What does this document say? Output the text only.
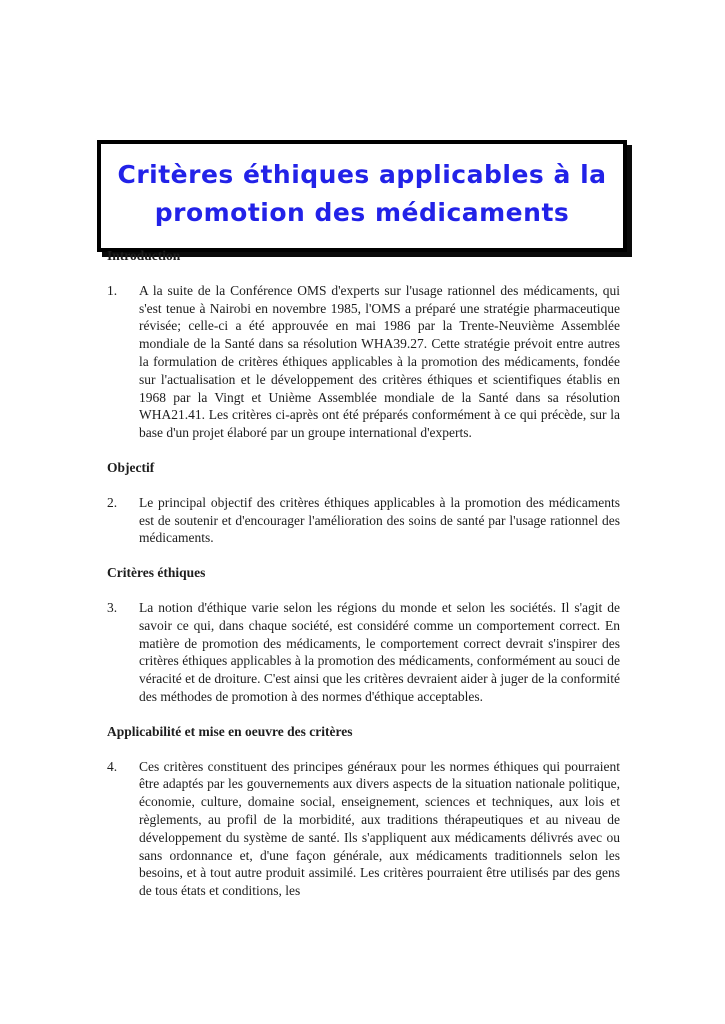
Critères éthiques applicables à la
promotion des médicaments
Introduction
1. A la suite de la Conférence OMS d'experts sur l'usage rationnel des médicaments, qui s'est tenue à Nairobi en novembre 1985, l'OMS a préparé une stratégie pharmaceutique révisée; celle-ci a été approuvée en mai 1986 par la Trente-Neuvième Assemblée mondiale de la Santé dans sa résolution WHA39.27. Cette stratégie prévoit entre autres la formulation de critères éthiques applicables à la promotion des médicaments, fondée sur l'actualisation et le développement des critères éthiques et scientifiques établis en 1968 par la Vingt et Unième Assemblée mondiale de la Santé dans sa résolution WHA21.41. Les critères ci-après ont été préparés conformément à ce qui précède, sur la base d'un projet élaboré par un groupe international d'experts.
Objectif
2. Le principal objectif des critères éthiques applicables à la promotion des médicaments est de soutenir et d'encourager l'amélioration des soins de santé par l'usage rationnel des médicaments.
Critères éthiques
3. La notion d'éthique varie selon les régions du monde et selon les sociétés. Il s'agit de savoir ce qui, dans chaque société, est considéré comme un comportement correct. En matière de promotion des médicaments, le comportement correct devrait s'inspirer des critères éthiques applicables à la promotion des médicaments, conformément au souci de véracité et de droiture. C'est ainsi que les critères devraient aider à juger de la conformité des méthodes de promotion à des normes d'éthique acceptables.
Applicabilité et mise en oeuvre des critères
4. Ces critères constituent des principes généraux pour les normes éthiques qui pourraient être adaptés par les gouvernements aux divers aspects de la situation nationale politique, économie, culture, domaine social, enseignement, sciences et techniques, aux lois et règlements, au profil de la morbidité, aux traditions thérapeutiques et au niveau de développement du système de santé. Ils s'appliquent aux médicaments délivrés avec ou sans ordonnance et, d'une façon générale, aux médicaments traditionnels selon les besoins, et à tout autre produit assimilé. Les critères pourraient être utilisés par des gens de tous états et conditions, les
